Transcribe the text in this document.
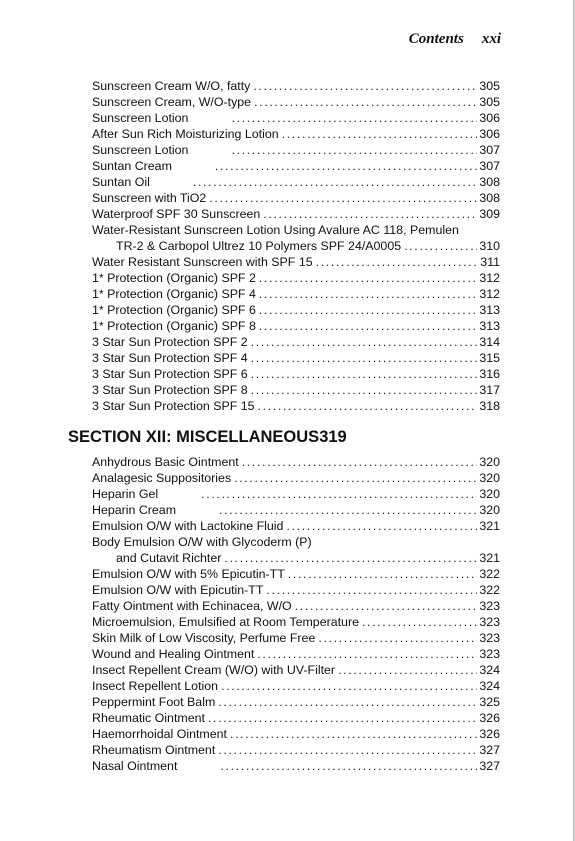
Contents xxi
Sunscreen Cream W/O, fatty . . .	305
Sunscreen Cream, W/O-type . . .	305
Sunscreen Lotion . . .	306
After Sun Rich Moisturizing Lotion . . .	306
Sunscreen Lotion . . .	307
Suntan Cream . . .	307
Suntan Oil . . .	308
Sunscreen with TiO2 . . .	308
Waterproof SPF 30 Sunscreen . . .	309
Water-Resistant Sunscreen Lotion Using Avalure AC 118, Pemulen
TR-2 & Carbopol Ultrez 10 Polymers SPF 24/A0005 . . .	310
Water Resistant Sunscreen with SPF 15 . . .	311
1* Protection (Organic) SPF 2 . . .	312
1* Protection (Organic) SPF 4 . . .	312
1* Protection (Organic) SPF 6 . . .	313
1* Protection (Organic) SPF 8 . . .	313
3 Star Sun Protection SPF 2 . . .	314
3 Star Sun Protection SPF 4 . . .	315
3 Star Sun Protection SPF 6 . . .	316
3 Star Sun Protection SPF 8 . . .	317
3 Star Sun Protection SPF 15 . . .	318
SECTION XII: MISCELLANEOUS 319
Anhydrous Basic Ointment . . .	320
Analagesic Suppositories . . .	320
Heparin Gel . . .	320
Heparin Cream . . .	320
Emulsion O/W with Lactokine Fluid . . .	321
Body Emulsion O/W with Glycoderm (P)
and Cutavit Richter . . .	321
Emulsion O/W with 5% Epicutin-TT . . .	322
Emulsion O/W with Epicutin-TT . . .	322
Fatty Ointment with Echinacea, W/O . . .	323
Microemulsion, Emulsified at Room Temperature . . .	323
Skin Milk of Low Viscosity, Perfume Free . . .	323
Wound and Healing Ointment . . .	323
Insect Repellent Cream (W/O) with UV-Filter . . .	324
Insect Repellent Lotion . . .	324
Peppermint Foot Balm . . .	325
Rheumatic Ointment . . .	326
Haemorrhoidal Ointment . . .	326
Rheumatism Ointment . . .	327
Nasal Ointment . . .	327
